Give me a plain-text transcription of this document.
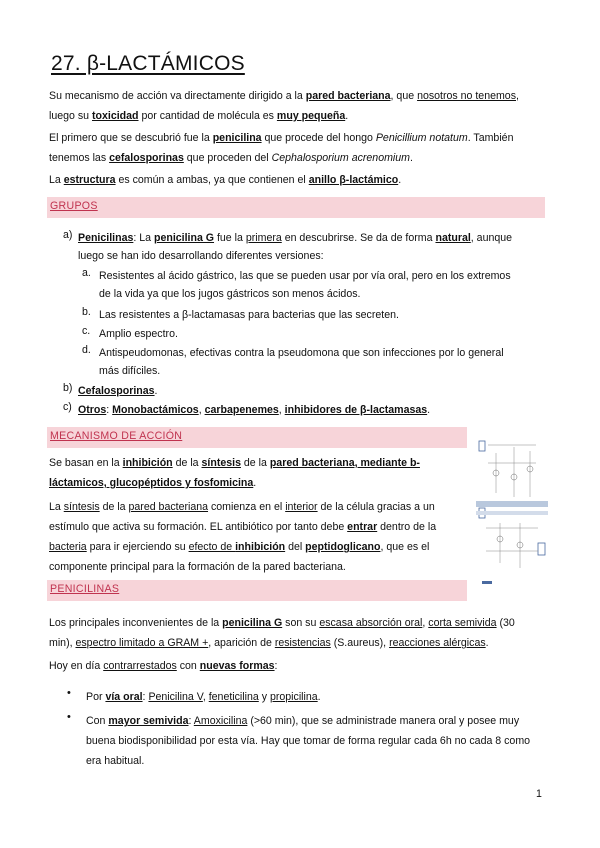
27. β-LACTÁMICOS
Su mecanismo de acción va directamente dirigido a la pared bacteriana, que nosotros no tenemos,
luego su toxicidad por cantidad de molécula es muy pequeña.
El primero que se descubrió fue la penicilina que procede del hongo Penicillium notatum. También
tenemos las cefalosporinas que proceden del Cephalosporium acrenomium.
La estructura es común a ambas, ya que contienen el anillo β-lactámico.
GRUPOS
a) Penicilinas: La penicilina G fue la primera en descubrirse. Se da de forma natural, aunque
luego se han ido desarrollando diferentes versiones:
a. Resistentes al ácido gástrico, las que se pueden usar por vía oral, pero en los extremos
de la vida ya que los jugos gástricos son menos ácidos.
b. Las resistentes a β-lactamasas para bacterias que las secreten.
c. Amplio espectro.
d. Antispeudomonas, efectivas contra la pseudomona que son infecciones por lo general
más difíciles.
b) Cefalosporinas.
c) Otros: Monobactámicos, carbapenemes, inhibidores de β-lactamasas.
MECANISMO DE ACCIÓN
Se basan en la inhibición de la síntesis de la pared bacteriana, mediante b-
láctamicos, glucopéptidos y fosfomicina.
La síntesis de la pared bacteriana comienza en el interior de la célula gracias a un
estímulo que activa su formación. EL antibiótico por tanto debe entrar dentro de la
bacteria para ir ejerciendo su efecto de inhibición del peptidoglicano, que es el
componente principal para la formación de la pared bacteriana.
PENICILINAS
Los principales inconvenientes de la penicilina G son su escasa absorción oral, corta semivida (30
min), espectro limitado a GRAM +, aparición de resistencias (S.aureus), reacciones alérgicas.
Hoy en día contrarrestados con nuevas formas:
• Por vía oral: Penicilina V, feneticilina y propicilina.
• Con mayor semivida: Amoxicilina (>60 min), que se administrade manera oral y posee muy
buena biodisponibilidad por esta vía. Hay que tomar de forma regular cada 6h no cada 8 como
era habitual.
1
